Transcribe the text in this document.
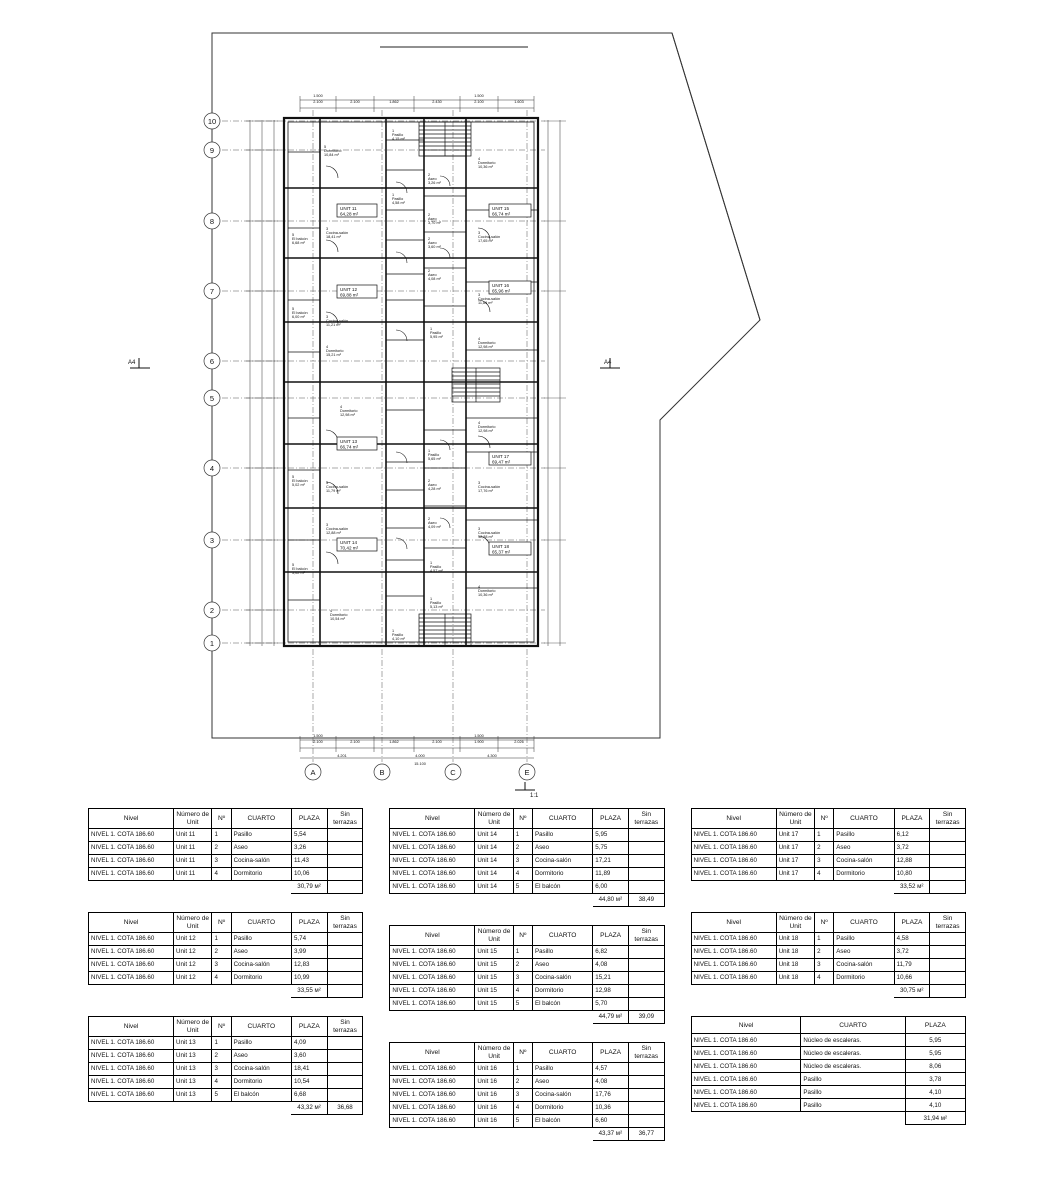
10
9
8
7
6
5
4
3
2
1
A	B	C	E
UNIT 11
64,28 m²
UNIT 12
69,88 m²
UNIT 13
66,74 m²
UNIT 14
70,42 m²
UNIT 15
66,74 m²
UNIT 16
65,96 m²
UNIT 17
69,47 m²
UNIT 18
65,37 m²
5
Dormitorio
10,84 m²
1
Pasillo
4,15 m²
4
Dormitorio
10,36 m²
1
Pasillo
4,58 m²
3
Cocina-salón
18,41 m²
3
Cocina-salón
17,65 m²
5
El balcón
6,68 m²
2
Aseo
3,26 m²
2
Aseo
3,60 m²
3
Cocina-salón
11,21 m²
5
El balcón
6,00 m²
3
Cocina-salón
11,89 m²
4
Dormitorio
12,98 m²
1
Pasillo
5,95 m²
2
Aseo
4,08 m²
4
Dormitorio
15,21 m²
4
Dormitorio
12,98 m²
4
Dormitorio
12,98 m²
1
Pasillo
5,65 m²
2
Aseo
4,28 m²
3
Cocina-salón
17,76 m²
3
Cocina-salón
11,79 m²
2
Aseo
4,09 m²
3
Cocina-salón
12,88 m²
3
Cocina-salón
12,88 m²
5
El balcón
5,02 m²
5
El balcón
5,02 m²
4
Dormitorio
10,36 m²
1
Pasillo
4,57 m²
1
Pasillo
5,13 m²
4
Dormitorio
10,54 m²
1
Pasillo
4,10 m²
2
Aseo
3,70 m²
1.500
2.100	2.100	1.862	2.430
1.500
2.100	1.603
1.500
2.100	2.100	1.862	2.100
1.500
1.900	2.026
4.201	4.000	4.300
15.100
A4	A4
1:1
Nivel	Número de Unit	Nº	CUARTO	PLAZA	Sin terrazas
NIVEL 1. COTA 186.60	Unit 11	1	Pasillo	5,54	
NIVEL 1. COTA 186.60	Unit 11	2	Aseo	3,26	
NIVEL 1. COTA 186.60	Unit 11	3	Cocina-salón	11,43	
NIVEL 1. COTA 186.60	Unit 11	4	Dormitorio	10,06	
				30,79 м²	
Nivel	Número de Unit	Nº	CUARTO	PLAZA	Sin terrazas
NIVEL 1. COTA 186.60	Unit 12	1	Pasillo	5,74	
NIVEL 1. COTA 186.60	Unit 12	2	Aseo	3,99	
NIVEL 1. COTA 186.60	Unit 12	3	Cocina-salón	12,83	
NIVEL 1. COTA 186.60	Unit 12	4	Dormitorio	10,99	
				33,55 м²	
Nivel	Número de Unit	Nº	CUARTO	PLAZA	Sin terrazas
NIVEL 1. COTA 186.60	Unit 13	1	Pasillo	4,09	
NIVEL 1. COTA 186.60	Unit 13	2	Aseo	3,60	
NIVEL 1. COTA 186.60	Unit 13	3	Cocina-salón	18,41	
NIVEL 1. COTA 186.60	Unit 13	4	Dormitorio	10,54	
NIVEL 1. COTA 186.60	Unit 13	5	El balcón	6,68	
				43,32 м²	36,68
Nivel	Número de Unit	Nº	CUARTO	PLAZA	Sin terrazas
NIVEL 1. COTA 186.60	Unit 14	1	Pasillo	5,95	
NIVEL 1. COTA 186.60	Unit 14	2	Aseo	5,75	
NIVEL 1. COTA 186.60	Unit 14	3	Cocina-salón	17,21	
NIVEL 1. COTA 186.60	Unit 14	4	Dormitorio	11,89	
NIVEL 1. COTA 186.60	Unit 14	5	El balcón	6,00	
				44,80 м²	38,49
Nivel	Número de Unit	Nº	CUARTO	PLAZA	Sin terrazas
NIVEL 1. COTA 186.60	Unit 15	1	Pasillo	6,82	
NIVEL 1. COTA 186.60	Unit 15	2	Aseo	4,08	
NIVEL 1. COTA 186.60	Unit 15	3	Cocina-salón	15,21	
NIVEL 1. COTA 186.60	Unit 15	4	Dormitorio	12,98	
NIVEL 1. COTA 186.60	Unit 15	5	El balcón	5,70	
				44,79 м²	39,09
Nivel	Número de Unit	Nº	CUARTO	PLAZA	Sin terrazas
NIVEL 1. COTA 186.60	Unit 16	1	Pasillo	4,57	
NIVEL 1. COTA 186.60	Unit 16	2	Aseo	4,08	
NIVEL 1. COTA 186.60	Unit 16	3	Cocina-salón	17,76	
NIVEL 1. COTA 186.60	Unit 16	4	Dormitorio	10,36	
NIVEL 1. COTA 186.60	Unit 16	5	El balcón	6,60	
				43,37 м²	36,77
Nivel	Número de Unit	Nº	CUARTO	PLAZA	Sin terrazas
NIVEL 1. COTA 186.60	Unit 17	1	Pasillo	6,12	
NIVEL 1. COTA 186.60	Unit 17	2	Aseo	3,72	
NIVEL 1. COTA 186.60	Unit 17	3	Cocina-salón	12,88	
NIVEL 1. COTA 186.60	Unit 17	4	Dormitorio	10,80	
				33,52 м²	
Nivel	Número de Unit	Nº	CUARTO	PLAZA	Sin terrazas
NIVEL 1. COTA 186.60	Unit 18	1	Pasillo	4,58	
NIVEL 1. COTA 186.60	Unit 18	2	Aseo	3,72	
NIVEL 1. COTA 186.60	Unit 18	3	Cocina-salón	11,79	
NIVEL 1. COTA 186.60	Unit 18	4	Dormitorio	10,66	
				30,75 м²	
Nivel	CUARTO	PLAZA
NIVEL 1. COTA 186.60	Núcleo de escaleras.	5,95
NIVEL 1. COTA 186.60	Núcleo de escaleras.	5,95
NIVEL 1. COTA 186.60	Núcleo de escaleras.	8,06
NIVEL 1. COTA 186.60	Pasillo	3,78
NIVEL 1. COTA 186.60	Pasillo	4,10
NIVEL 1. COTA 186.60	Pasillo	4,10
		31,94 м²
